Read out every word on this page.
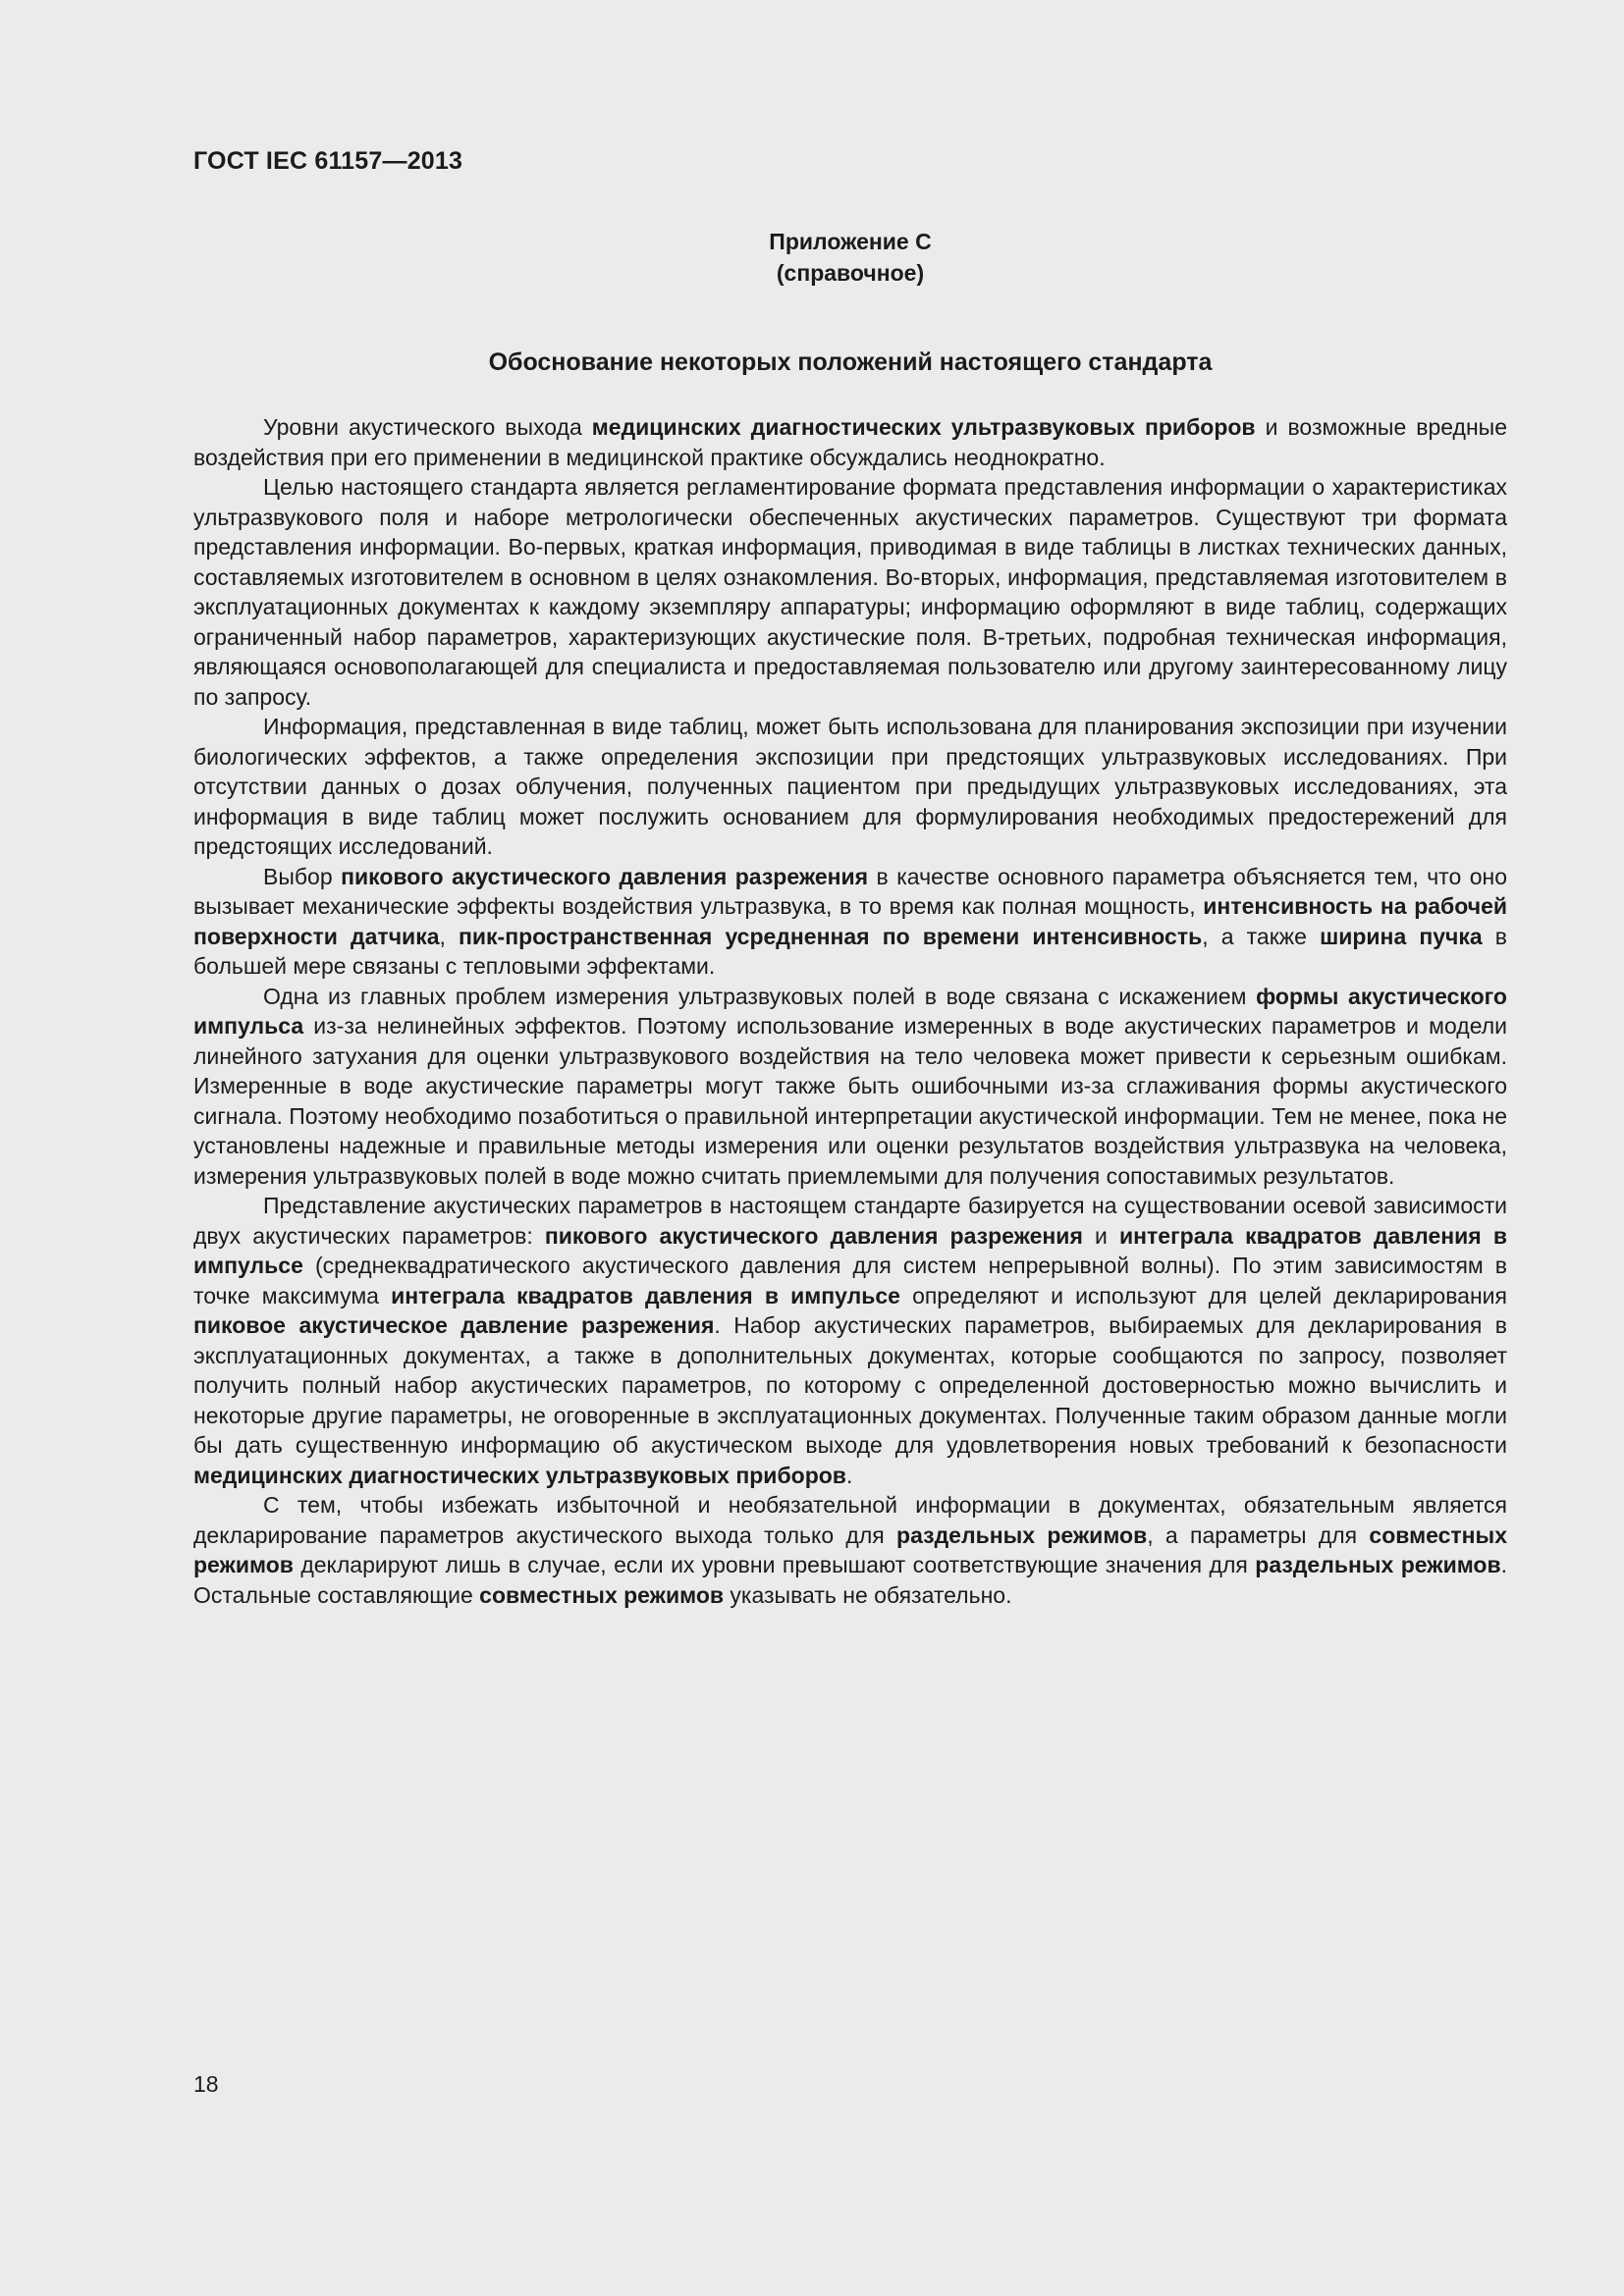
ГОСТ IEC 61157—2013
Приложение С
(справочное)
Обоснование некоторых положений настоящего стандарта

Уровни акустического выхода медицинских диагностических ультразвуковых приборов и возможные вредные воздействия при его применении в медицинской практике обсуждались неоднократно.

Целью настоящего стандарта является регламентирование формата представления информации о характеристиках ультразвукового поля и наборе метрологически обеспеченных акустических параметров. Существуют три формата представления информации. Во-первых, краткая информация, приводимая в виде таблицы в листках технических данных, составляемых изготовителем в основном в целях ознакомления. Во-вторых, информация, представляемая изготовителем в эксплуатационных документах к каждому экземпляру аппаратуры; информацию оформляют в виде таблиц, содержащих ограниченный набор параметров, характеризующих акустические поля. В-третьих, подробная техническая информация, являющаяся основополагающей для специалиста и предоставляемая пользователю или другому заинтересованному лицу по запросу.

Информация, представленная в виде таблиц, может быть использована для планирования экспозиции при изучении биологических эффектов, а также определения экспозиции при предстоящих ультразвуковых исследованиях. При отсутствии данных о дозах облучения, полученных пациентом при предыдущих ультразвуковых исследованиях, эта информация в виде таблиц может послужить основанием для формулирования необходимых предостережений для предстоящих исследований.

Выбор пикового акустического давления разрежения в качестве основного параметра объясняется тем, что оно вызывает механические эффекты воздействия ультразвука, в то время как полная мощность, интенсивность на рабочей поверхности датчика, пик-пространственная усредненная по времени интенсивность, а также ширина пучка в большей мере связаны с тепловыми эффектами.

Одна из главных проблем измерения ультразвуковых полей в воде связана с искажением формы акустического импульса из-за нелинейных эффектов. Поэтому использование измеренных в воде акустических параметров и модели линейного затухания для оценки ультразвукового воздействия на тело человека может привести к серьезным ошибкам. Измеренные в воде акустические параметры могут также быть ошибочными из-за сглаживания формы акустического сигнала. Поэтому необходимо позаботиться о правильной интерпретации акустической информации. Тем не менее, пока не установлены надежные и правильные методы измерения или оценки результатов воздействия ультразвука на человека, измерения ультразвуковых полей в воде можно считать приемлемыми для получения сопоставимых результатов.

Представление акустических параметров в настоящем стандарте базируется на существовании осевой зависимости двух акустических параметров: пикового акустического давления разрежения и интеграла квадратов давления в импульсе (среднеквадратического акустического давления для систем непрерывной волны). По этим зависимостям в точке максимума интеграла квадратов давления в импульсе определяют и используют для целей декларирования пиковое акустическое давление разрежения. Набор акустических параметров, выбираемых для декларирования в эксплуатационных документах, а также в дополнительных документах, которые сообщаются по запросу, позволяет получить полный набор акустических параметров, по которому с определенной достоверностью можно вычислить и некоторые другие параметры, не оговоренные в эксплуатационных документах. Полученные таким образом данные могли бы дать существенную информацию об акустическом выходе для удовлетворения новых требований к безопасности медицинских диагностических ультразвуковых приборов.

С тем, чтобы избежать избыточной и необязательной информации в документах, обязательным является декларирование параметров акустического выхода только для раздельных режимов, а параметры для совместных режимов декларируют лишь в случае, если их уровни превышают соответствующие значения для раздельных режимов. Остальные составляющие совместных режимов указывать не обязательно.

18
